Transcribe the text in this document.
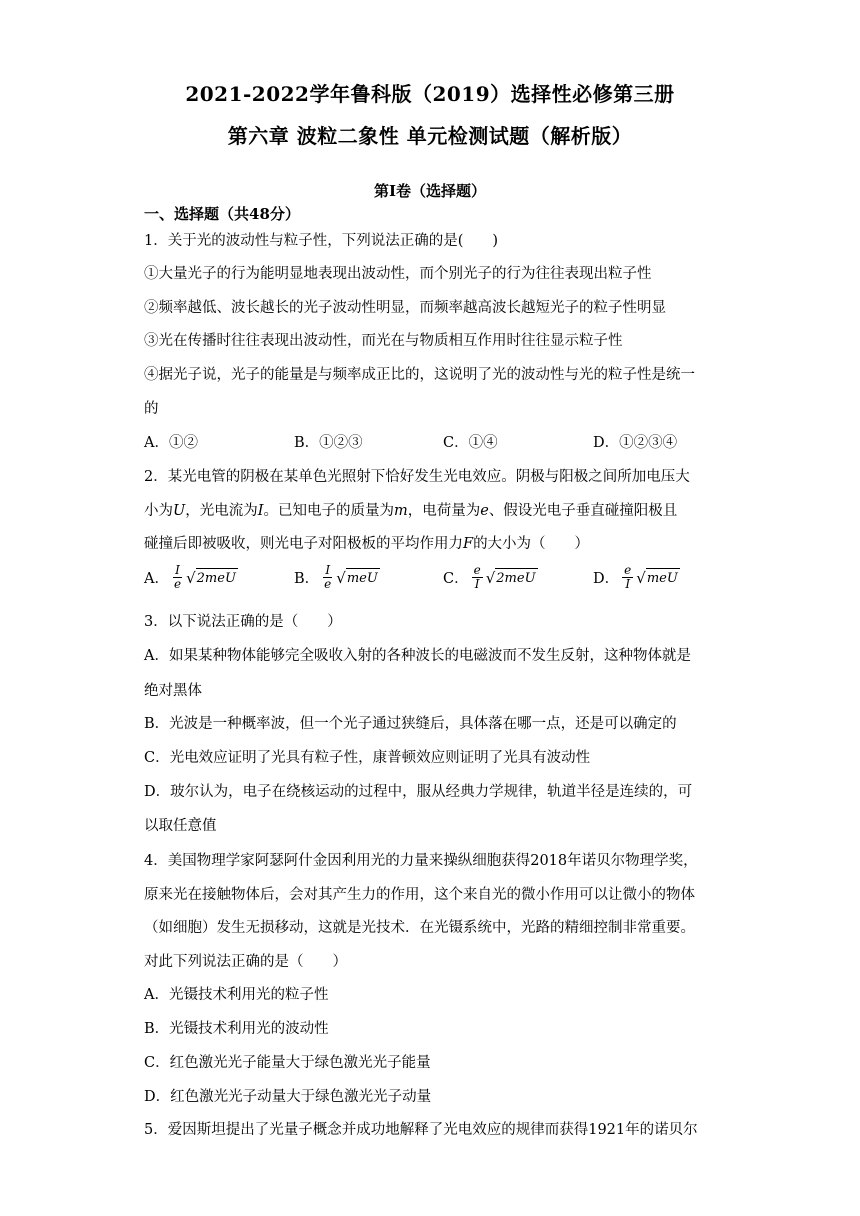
2021-2022学年鲁科版（2019）选择性必修第三册
第六章 波粒二象性 单元检测试题（解析版）
第Ⅰ卷（选择题）
一、选择题（共48分）
1．关于光的波动性与粒子性，下列说法正确的是(　　)
①大量光子的行为能明显地表现出波动性，而个别光子的行为往往表现出粒子性
②频率越低、波长越长的光子波动性明显，而频率越高波长越短光子的粒子性明显
③光在传播时往往表现出波动性，而光在与物质相互作用时往往显示粒子性
④据光子说，光子的能量是与频率成正比的，这说明了光的波动性与光的粒子性是统一
的
A．①②	B．①②③	C．①④	D．①②③④
2．某光电管的阴极在某单色光照射下恰好发生光电效应。阴极与阳极之间所加电压大
小为U，光电流为I。已知电子的质量为m，电荷量为e、假设光电子垂直碰撞阳极且
碰撞后即被吸收，则光电子对阳极板的平均作用力F的大小为（　　）
A． $\frac{I}{e}$ √ 2meU	B． $\frac{I}{e}$ √ meU	C． $\frac{e}{I}$ √ 2meU	D． $\frac{e}{I}$ √ meU
3．以下说法正确的是（　　）
A．如果某种物体能够完全吸收入射的各种波长的电磁波而不发生反射，这种物体就是
绝对黑体
B．光波是一种概率波，但一个光子通过狭缝后，具体落在哪一点，还是可以确定的
C．光电效应证明了光具有粒子性，康普顿效应则证明了光具有波动性
D．玻尔认为，电子在绕核运动的过程中，服从经典力学规律，轨道半径是连续的，可
以取任意值
4．美国物理学家阿瑟阿什金因利用光的力量来操纵细胞获得2018年诺贝尔物理学奖，
原来光在接触物体后，会对其产生力的作用，这个来自光的微小作用可以让微小的物体
（如细胞）发生无损移动，这就是光技术．在光镊系统中，光路的精细控制非常重要。
对此下列说法正确的是（　　）
A．光镊技术利用光的粒子性
B．光镊技术利用光的波动性
C．红色激光光子能量大于绿色激光光子能量
D．红色激光光子动量大于绿色激光光子动量
5．爱因斯坦提出了光量子概念并成功地解释了光电效应的规律而获得1921年的诺贝尔
